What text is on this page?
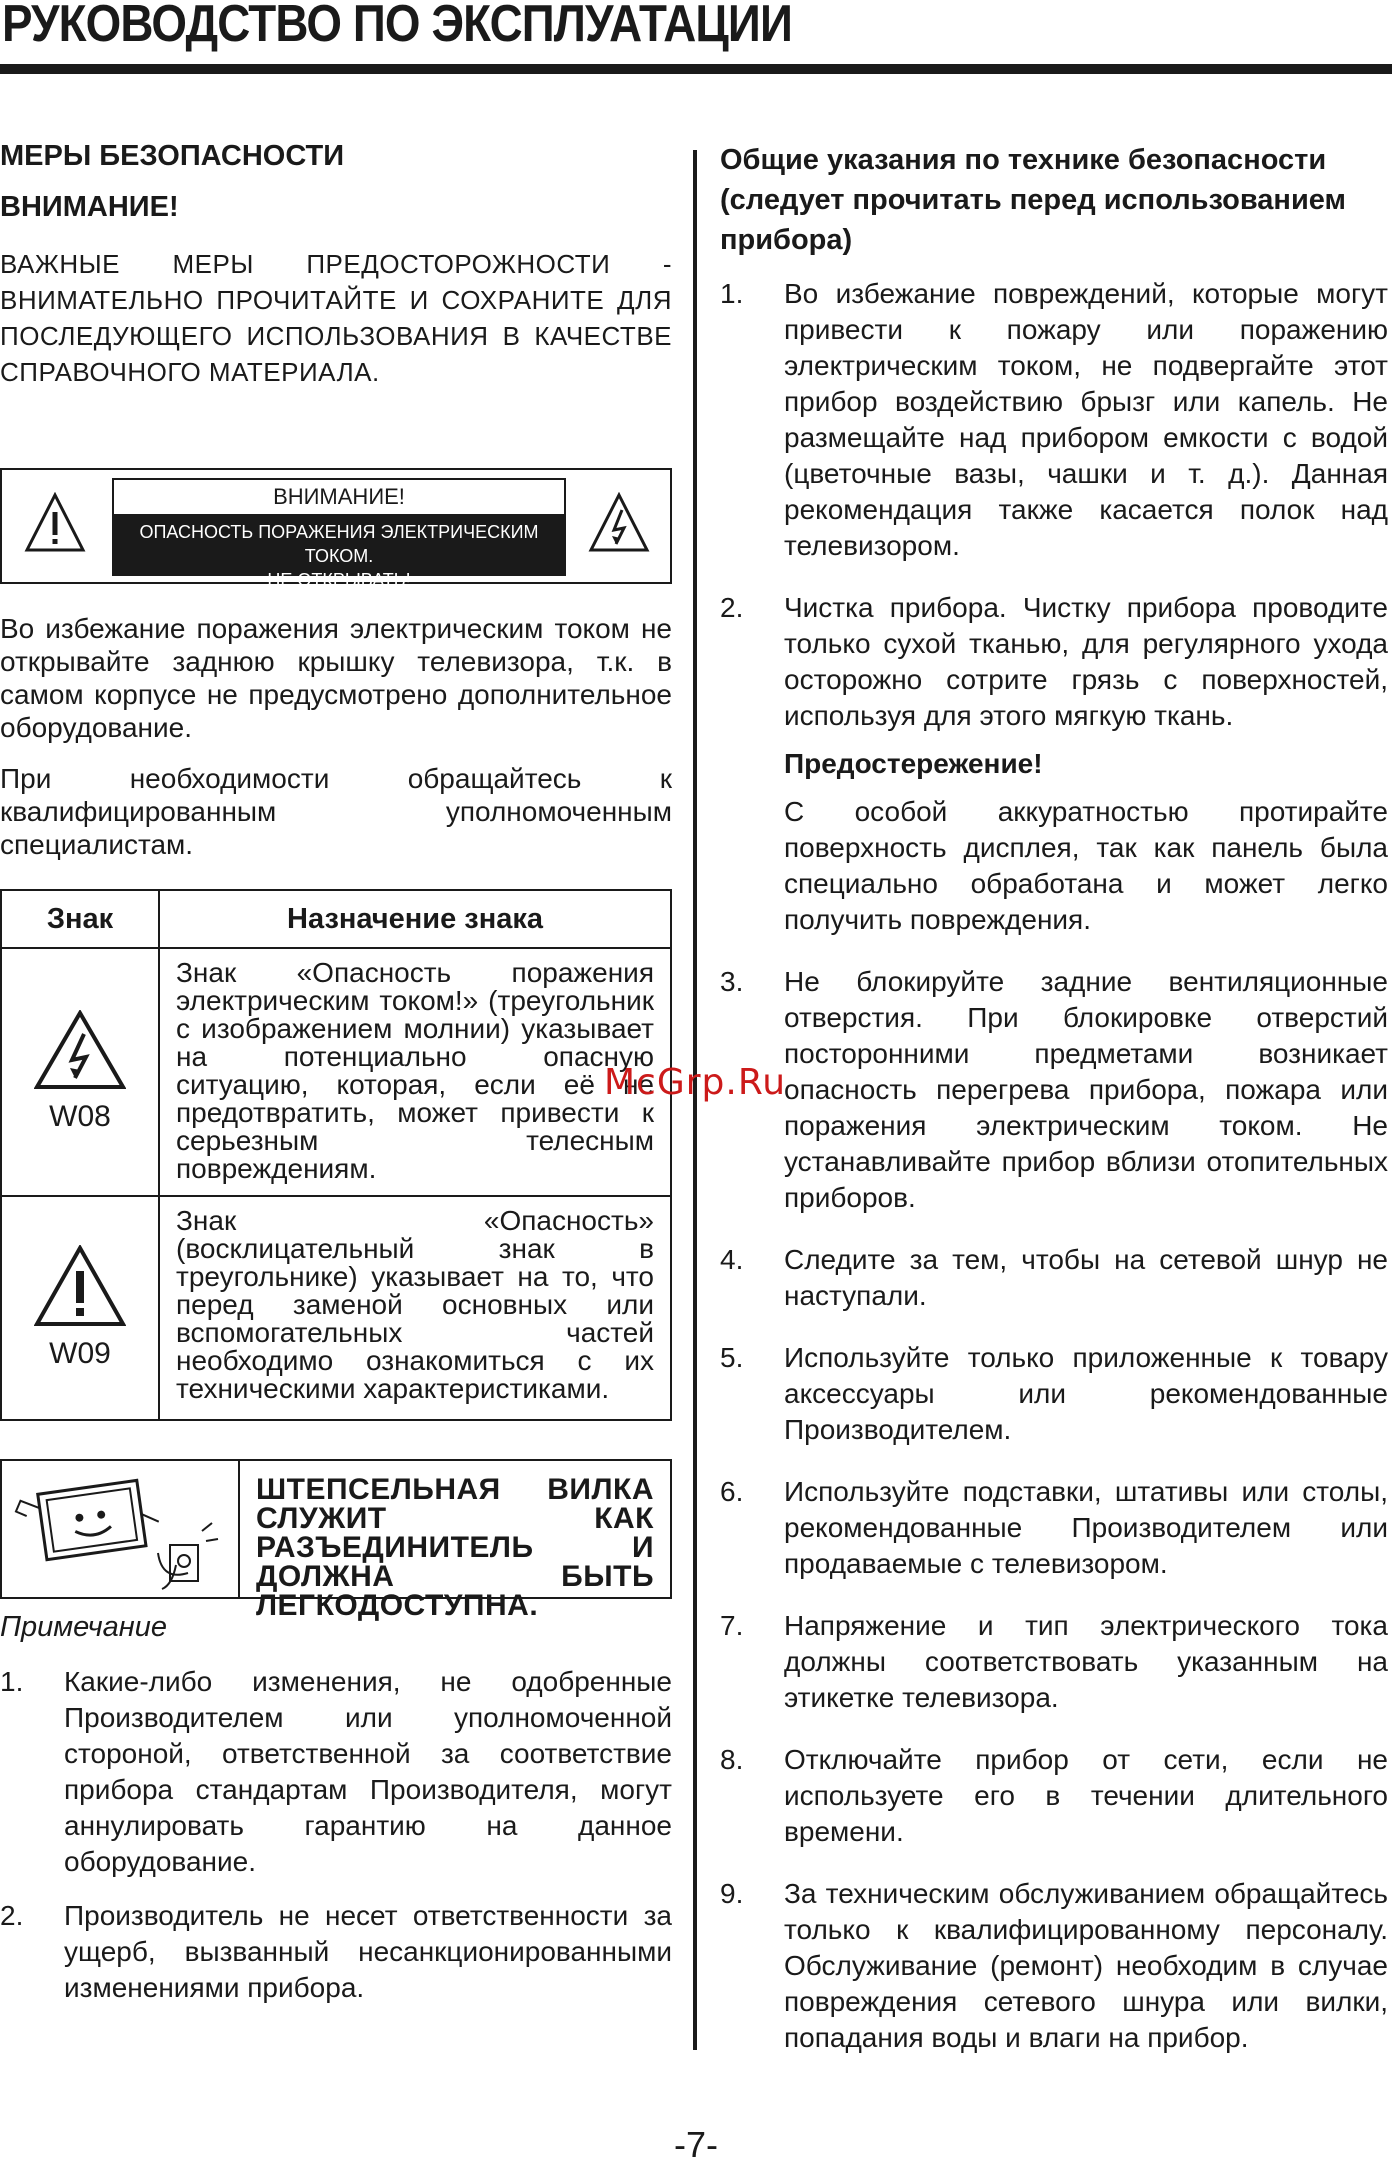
РУКОВОДСТВО ПО ЭКСПЛУАТАЦИИ
МЕРЫ БЕЗОПАСНОСТИ
ВНИМАНИЕ!

ВАЖНЫЕ МЕРЫ ПРЕДОСТОРОЖНОСТИ - ВНИМАТЕЛЬНО ПРОЧИТАЙТЕ И СОХРАНИТЕ ДЛЯ ПОСЛЕДУЮЩЕГО ИСПОЛЬЗОВАНИЯ В КАЧЕСТВЕ СПРАВОЧНОГО МАТЕРИАЛА.

ВНИМАНИЕ!
ОПАСНОСТЬ ПОРАЖЕНИЯ ЭЛЕКТРИЧЕСКИМ ТОКОМ.
НЕ ОТКРЫВАТЬ!

Во избежание поражения электрическим током не открывайте заднюю крышку телевизора, т.к. в самом корпусе не предусмотрено дополнительное оборудование.

При необходимости обращайтесь к квалифицированным уполномоченным специалистам.

Знак	Назначение знака
W08
Знак «Опасность поражения электрическим током!» (треугольник с изображением молнии) указывает на потенциально опасную ситуацию, которая, если её не предотвратить, может привести к серьезным телесным повреждениям.
W09
Знак «Опасность» (восклицательный знак в треугольнике) указывает на то, что перед заменой основных или вспомогательных частей необходимо ознакомиться с их техническими характеристиками.
ШТЕПСЕЛЬНАЯ ВИЛКА СЛУЖИТ КАК РАЗЪЕДИНИТЕЛЬ И ДОЛЖНА БЫТЬ ЛЕГКОДОСТУПНА.
Примечание
1. Какие-либо изменения, не одобренные Производителем или уполномоченной стороной, ответственной за соответствие прибора стандартам Производителя, могут аннулировать гарантию на данное оборудование.
2. Производитель не несет ответственности за ущерб, вызванный несанкционированными изменениями прибора.
Общие указания по технике безопасности (следует прочитать перед использованием прибора)
1. Во избежание повреждений, которые могут привести к пожару или поражению электрическим током, не подвергайте этот прибор воздействию брызг или капель. Не размещайте над прибором емкости с водой (цветочные вазы, чашки и т. д.). Данная рекомендация также касается полок над телевизором.
2. Чистка прибора. Чистку прибора проводите только сухой тканью, для регулярного ухода осторожно сотрите грязь с поверхностей, используя для этого мягкую ткань.
Предостережение!
С особой аккуратностью протирайте поверхность дисплея, так как панель была специально обработана и может легко получить повреждения.
3. Не блокируйте задние вентиляционные отверстия. При блокировке отверстий посторонними предметами возникает опасность перегрева прибора, пожара или поражения электрическим током. Не устанавливайте прибор вблизи отопительных приборов.
4. Следите за тем, чтобы на сетевой шнур не наступали.
5. Используйте только приложенные к товару аксессуары или рекомендованные Производителем.
6. Используйте подставки, штативы или столы, рекомендованные Производителем или продаваемые с телевизором.
7. Напряжение и тип электрического тока должны соответствовать указанным на этикетке телевизора.
8. Отключайте прибор от сети, если не используете его в течении длительного времени.
9. За техническим обслуживанием обращайтесь только к квалифицированному персоналу. Обслуживание (ремонт) необходим в случае повреждения сетевого шнура или вилки, попадания воды и влаги на прибор.
McGrp.Ru
-7-
